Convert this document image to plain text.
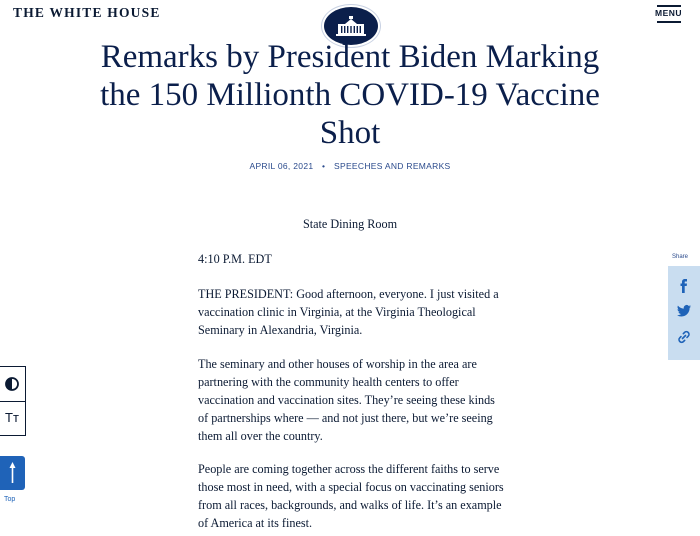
THE WHITE HOUSE	MENU
Remarks by President Biden Marking the 150 Millionth COVID-19 Vaccine Shot
APRIL 06, 2021 • SPEECHES AND REMARKS
State Dining Room

4:10 P.M. EDT

THE PRESIDENT: Good afternoon, everyone. I just visited a vaccination clinic in Virginia, at the Virginia Theological Seminary in Alexandria, Virginia.

The seminary and other houses of worship in the area are partnering with the community health centers to offer vaccination and vaccination sites. They’re seeing these kinds of partnerships where — and not just there, but we’re seeing them all over the country.

People are coming together across the different faiths to serve those most in need, with a special focus on vaccinating seniors from all races, backgrounds, and walks of life. It’s an example of America at its finest.

Share
Tт
Top
